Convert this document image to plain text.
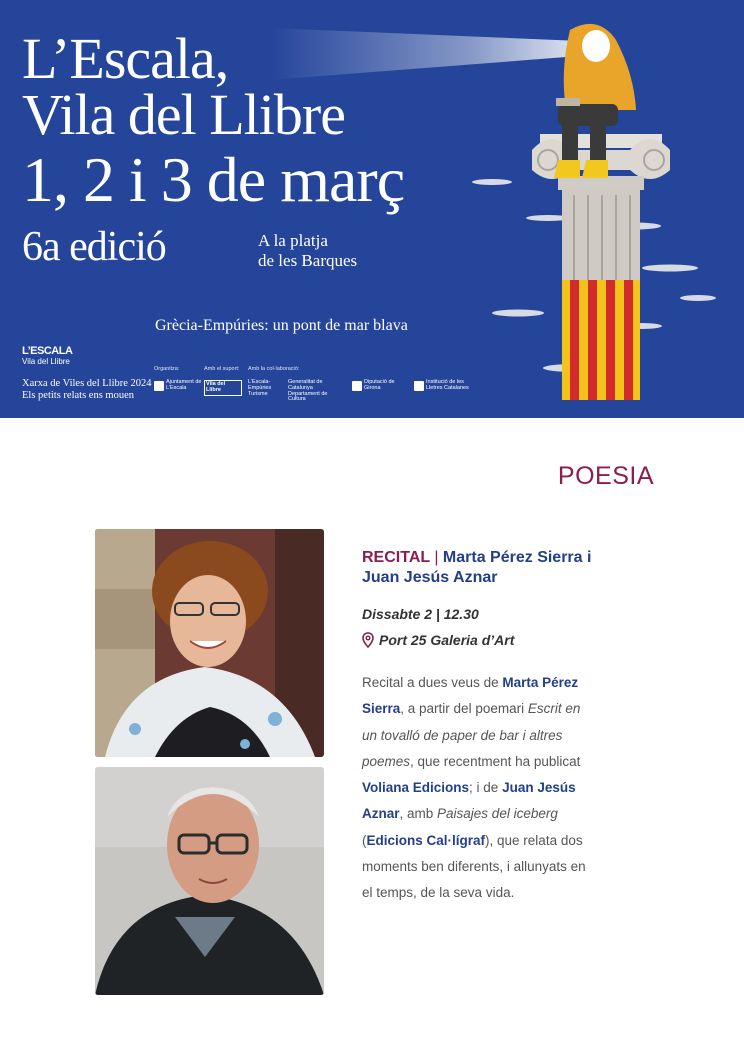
L’Escala,
Vila del Llibre
1, 2 i 3 de març
6a edició	A la platja
de les Barques
Grècia-Empúries: un pont de mar blava
L’ESCALA
Vila del Llibre
Xarxa de Viles del Llibre 2024
Els petits relats ens mouen
Organitza:	Amb el suport: Amb la col·laboració:
Ajuntament de L’Escala
Vila del Llibre
L’Escala-Empúries Turisme
Generalitat de Catalunya Departament de Cultura
Diputació de Girona
Institució de les Lletres Catalanes
POESIA
RECITAL | Marta Pérez Sierra i Juan Jesús Aznar
Dissabte 2 | 12.30
Port 25 Galeria d’Art
Recital a dues veus de Marta Pérez Sierra, a partir del poemari Escrit en un tovalló de paper de bar i altres poemes, que recentment ha publicat Voliana Edicions; i de Juan Jesús Aznar, amb Paisajes del iceberg (Edicions Cal·lígraf), que relata dos moments ben diferents, i allunyats en el temps, de la seva vida.
